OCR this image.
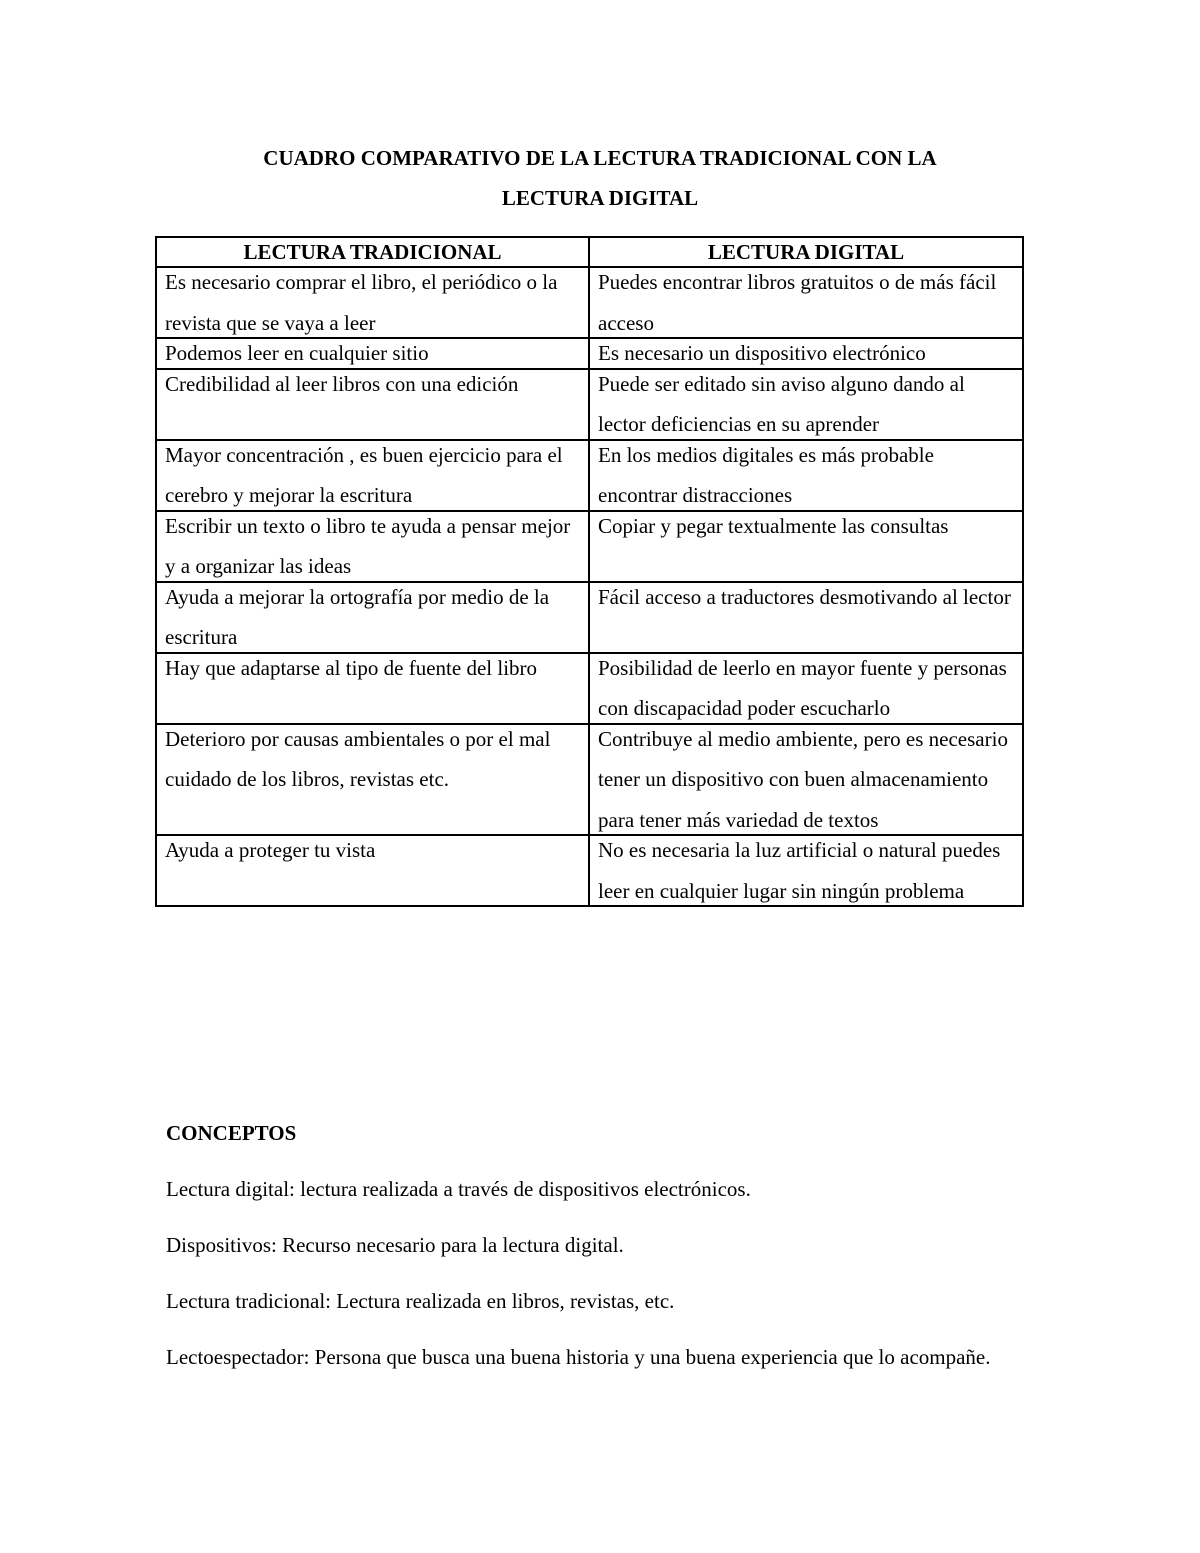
CUADRO COMPARATIVO DE LA LECTURA TRADICIONAL CON LA
LECTURA DIGITAL
LECTURA TRADICIONAL	LECTURA DIGITAL

Es necesario comprar el libro, el periódico o la revista que se vaya a leer	Puedes encontrar libros gratuitos o de más fácil acceso

Podemos leer en cualquier sitio	Es necesario un dispositivo electrónico

Credibilidad al leer libros con una edición	Puede ser editado sin aviso alguno dando al lector deficiencias en su aprender

Mayor concentración , es buen ejercicio para el cerebro y mejorar la escritura	En los medios digitales es más probable encontrar distracciones

Escribir un texto o libro te ayuda a pensar mejor y a organizar las ideas	Copiar y pegar textualmente las consultas

Ayuda a mejorar la ortografía por medio de la escritura	Fácil acceso a traductores desmotivando al lector

Hay que adaptarse al tipo de fuente del libro	Posibilidad de leerlo en mayor fuente y personas con discapacidad poder escucharlo

Deterioro por causas ambientales o por el mal cuidado de los libros, revistas etc.	Contribuye al medio ambiente, pero es necesario tener un dispositivo con buen almacenamiento para tener más variedad de textos

Ayuda a proteger tu vista	No es necesaria la luz artificial o natural puedes leer en cualquier lugar sin ningún problema
CONCEPTOS

Lectura digital: lectura realizada a través de dispositivos electrónicos.

Dispositivos: Recurso necesario para la lectura digital.

Lectura tradicional: Lectura realizada en libros, revistas, etc.

Lectoespectador: Persona que busca una buena historia y una buena experiencia que lo acompañe.
